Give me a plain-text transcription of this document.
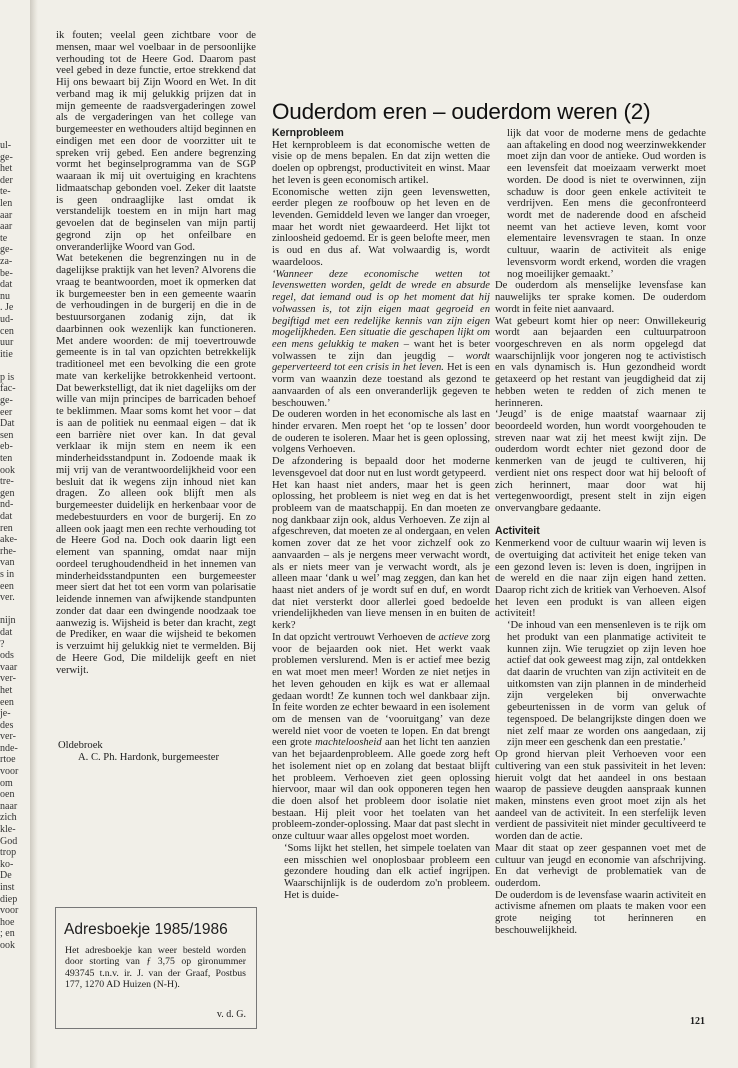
ul-
ge-
het
der
te-
len
aar
aar
te
ge-
za-
be-
dat
nu
. Je
ud-
cen
uur
itie
p is
fac-
ge-
eer
Dat
sen
eb-
ten
ook
tre-
gen
nd-
dat
ren
ake-
rhe-
van
s in
een
ver.
nijn
dat
?
ods
vaar
ver-
het
een
je-
des
ver-
nde-
rtoe
voor
om
oen
naar
zich
kle-
God
trop
ko-
De
inst
diep
voor
hoe
; en
ook

ik fouten; veelal geen zichtbare voor de mensen, maar wel voelbaar in de persoonlijke verhouding tot de Heere God. Daarom past veel gebed in deze functie, ertoe strekkend dat Hij ons bewaart bij Zijn Woord en Wet. In dit verband mag ik mij gelukkig prijzen dat in mijn gemeente de raadsvergaderingen zowel als de vergaderingen van het college van burgemeester en wethouders altijd beginnen en eindigen met een door de voorzitter uit te spreken vrij gebed. Een andere begrenzing vormt het beginselprogramma van de SGP waaraan ik mij uit overtuiging en krachtens lidmaatschap gebonden voel. Zeker dit laatste is geen ondraaglijke last omdat ik verstandelijk toestem en in mijn hart mag gevoelen dat de beginselen van mijn partij gegrond zijn op het onfeilbare en onveranderlijke Woord van God.

Wat betekenen die begrenzingen nu in de dagelijkse praktijk van het leven? Alvorens die vraag te beantwoorden, moet ik opmerken dat ik burgemeester ben in een gemeente waarin de verhoudingen in de burgerij en die in de bestuursorganen zodanig zijn, dat ik daarbinnen ook wezenlijk kan functioneren. Met andere woorden: de mij toevertrouwde gemeente is in tal van opzichten betrekkelijk traditioneel met een bevolking die een grote mate van kerkelijke betrokkenheid vertoont. Dat bewerkstelligt, dat ik niet dagelijks om der wille van mijn principes de barricaden behoef te beklimmen. Maar soms komt het voor – dat is aan de politiek nu eenmaal eigen – dat ik een barrière niet over kan. In dat geval verklaar ik mijn stem en neem ik een minderheidsstandpunt in. Zodoende maak ik mij vrij van de verantwoordelijkheid voor een besluit dat ik wegens zijn inhoud niet kan dragen. Zo alleen ook blijft men als burgemeester duidelijk en herkenbaar voor de medebestuurders en voor de burgerij. En zo alleen ook jaagt men een rechte verhouding tot de Heere God na. Doch ook daarin ligt een element van spanning, omdat naar mijn oordeel terughoudendheid in het innemen van minderheidsstandpunten een burgemeester meer siert dat het tot een vorm van polarisatie leidende innemen van afwijkende standpunten zonder dat daar een dwingende noodzaak toe aanwezig is. Wijsheid is beter dan kracht, zegt de Prediker, en waar die wijsheid te bekomen is verzuimt hij gelukkig niet te vermelden. Bij de Heere God, Die mildelijk geeft en niet verwijt.

Oldebroek
A. C. Ph. Hardonk, burgemeester
Adresboekje 1985/1986

Het adresboekje kan weer besteld worden door storting van ƒ 3,75 op gironummer 493745 t.n.v. ir. J. van der Graaf, Postbus 177, 1270 AD Huizen (N-H).

v. d. G.
Ouderdom eren – ouderdom weren (2)
Kernprobleem

Het kernprobleem is dat economische wetten de visie op de mens bepalen. En dat zijn wetten die doelen op opbrengst, productiviteit en winst. Maar het leven is geen economisch artikel.

Economische wetten zijn geen levenswetten, eerder plegen ze roofbouw op het leven en de levenden. Gemiddeld leven we langer dan vroeger, maar het wordt niet gewaardeerd. Het lijkt tot zinloosheid gedoemd. Er is geen belofte meer, men is oud en dus af. Wat volwaardig is, wordt waardeloos.

‘Wanneer deze economische wetten tot levenswetten worden, geldt de wrede en absurde regel, dat iemand oud is op het moment dat hij volwassen is, tot zijn eigen maat gegroeid en begiftigd met een redelijke kennis van zijn eigen mogelijkheden. Een situatie die geschapen lijkt om een mens gelukkig te maken – want het is beter volwassen te zijn dan jeugdig – wordt geperverteerd tot een crisis in het leven. Het is een vorm van waanzin deze toestand als gezond te aanvaarden of als een onveranderlijk gegeven te beschouwen.’

De ouderen worden in het economische als last en hinder ervaren. Men roept het ‘op te lossen’ door de ouderen te isoleren. Maar het is geen oplossing, volgens Verhoeven.

De afzondering is bepaald door het moderne levensgevoel dat door nut en lust wordt getypeerd.

Het kan haast niet anders, maar het is geen oplossing, het probleem is niet weg en dat is het probleem van de maatschappij. En dan moeten ze nog dankbaar zijn ook, aldus Verhoeven. Ze zijn al afgeschreven, dat moeten ze al ondergaan, en velen komen zover dat ze het voor zichzelf ook zo aanvaarden – als je nergens meer verwacht wordt, als er niets meer van je verwacht wordt, als je alleen maar ‘dank u wel’ mag zeggen, dan kan het haast niet anders of je wordt suf en duf, en wordt dat niet versterkt door allerlei goed bedoelde vriendelijkheden van lieve mensen in en buiten de kerk?

In dat opzicht vertrouwt Verhoeven de actieve zorg voor de bejaarden ook niet. Het werkt vaak problemen verslurend. Men is er actief mee bezig en wat moet men meer! Worden ze niet netjes in het leven gehouden en kijk es wat er allemaal gedaan wordt! Ze kunnen toch wel dankbaar zijn. In feite worden ze echter bewaard in een isolement om de mensen van de ‘vooruitgang’ van deze wereld niet voor de voeten te lopen. En dat brengt een grote machteloosheid aan het licht ten aanzien van het bejaardenprobleem. Alle goede zorg heft het isolement niet op en zolang dat bestaat blijft het probleem. Verhoeven ziet geen oplossing hiervoor, maar wil dan ook opponeren tegen hen die doen alsof het probleem door isolatie niet bestaan. Hij pleit voor het toelaten van het probleem-zonder-oplossing. Maar dat past slecht in onze cultuur waar alles opgelost moet worden.

‘Soms lijkt het stellen, het simpele toelaten van een misschien wel onoplosbaar probleem een gezondere houding dan elk actief ingrijpen. Waarschijnlijk is de ouderdom zo'n probleem. Het is duide-

lijk dat voor de moderne mens de gedachte aan aftakeling en dood nog weerzinwekkender moet zijn dan voor de antieke. Oud worden is een levensfeit dat moeizaam verwerkt moet worden. De dood is niet te overwinnen, zijn schaduw is door geen enkele activiteit te verdrijven. Een mens die geconfronteerd wordt met de naderende dood en afscheid neemt van het actieve leven, komt voor elementaire levensvragen te staan. In onze cultuur, waarin de activiteit als enige levensvorm wordt erkend, worden die vragen nog moeilijker gemaakt.’

De ouderdom als menselijke levensfase kan nauwelijks ter sprake komen. De ouderdom wordt in feite niet aanvaard.

Wat gebeurt komt hier op neer: Onwillekeurig wordt aan bejaarden een cultuurpatroon voorgeschreven en als norm opgelegd dat waarschijnlijk voor jongeren nog te activistisch en vals dynamisch is. Hun gezondheid wordt getaxeerd op het restant van jeugdigheid dat zij hebben weten te redden of zich menen te herinneren.

‘Jeugd’ is de enige maatstaf waarnaar zij beoordeeld worden, hun wordt voorgehouden te streven naar wat zij het meest kwijt zijn. De ouderdom wordt echter niet gezond door de kenmerken van de jeugd te cultiveren, hij verdient niet ons respect door wat hij belooft of zich herinnert, maar door wat hij vertegenwoordigt, present stelt in zijn eigen onvervangbare gedaante.

Activiteit

Kenmerkend voor de cultuur waarin wij leven is de overtuiging dat activiteit het enige teken van een gezond leven is: leven is doen, ingrijpen in de wereld en die naar zijn eigen hand zetten. Daarop richt zich de kritiek van Verhoeven. Alsof het leven een produkt is van alleen eigen activiteit!

‘De inhoud van een mensenleven is te rijk om het produkt van een planmatige activiteit te kunnen zijn. Wie terugziet op zijn leven hoe actief dat ook geweest mag zijn, zal ontdekken dat daarin de vruchten van zijn activiteit en de uitkomsten van zijn plannen in de minderheid zijn vergeleken bij onverwachte gebeurtenissen in de vorm van geluk of tegenspoed. De belangrijkste dingen doen we niet zelf maar ze worden ons aangedaan, zij zijn meer een geschenk dan een prestatie.’

Op grond hiervan pleit Verhoeven voor een cultivering van een stuk passiviteit in het leven: hieruit volgt dat het aandeel in ons bestaan waarop de passieve deugden aanspraak kunnen maken, minstens even groot moet zijn als het aandeel van de activiteit. In een sterfelijk leven verdient de passiviteit niet minder gecultiveerd te worden dan de actie.

Maar dit staat op zeer gespannen voet met de cultuur van jeugd en economie van afschrijving. En dat verhevigt de problematiek van de ouderdom.

De ouderdom is de levensfase waarin activiteit en activisme afnemen om plaats te maken voor een grote neiging tot herinneren en beschouwelijkheid.

121
